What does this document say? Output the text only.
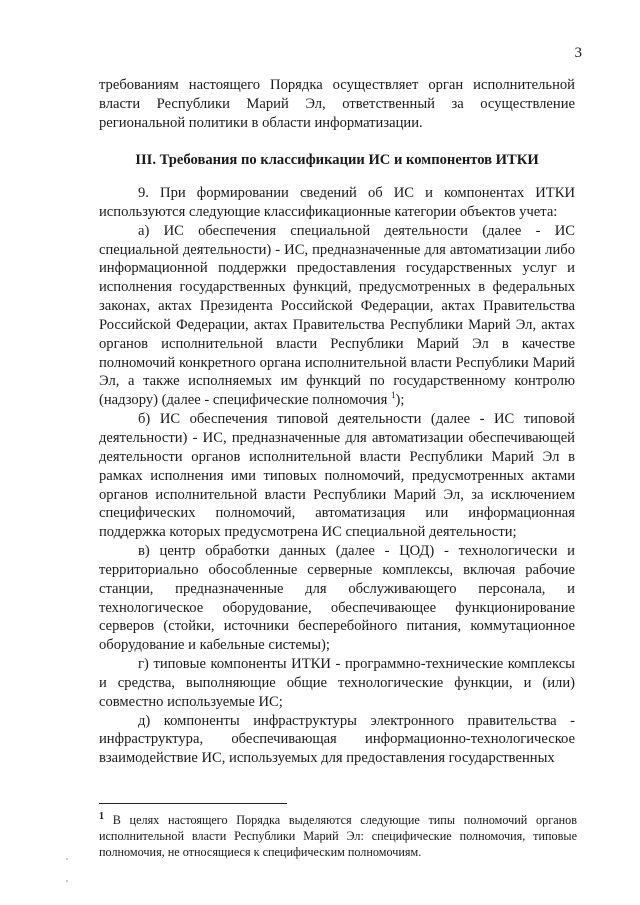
3

требованиям настоящего Порядка осуществляет орган исполнительной власти Республики Марий Эл, ответственный за осуществление региональной политики в области информатизации.

III. Требования по классификации ИС и компонентов ИТКИ

9. При формировании сведений об ИС и компонентах ИТКИ используются следующие классификационные категории объектов учета:

а) ИС обеспечения специальной деятельности (далее - ИС специальной деятельности) - ИС, предназначенные для автоматизации либо информационной поддержки предоставления государственных услуг и исполнения государственных функций, предусмотренных в федеральных законах, актах Президента Российской Федерации, актах Правительства Российской Федерации, актах Правительства Республики Марий Эл, актах органов исполнительной власти Республики Марий Эл в качестве полномочий конкретного органа исполнительной власти Республики Марий Эл, а также исполняемых им функций по государственному контролю (надзору) (далее - специфические полномочия $^1$);

б) ИС обеспечения типовой деятельности (далее - ИС типовой деятельности) - ИС, предназначенные для автоматизации обеспечивающей деятельности органов исполнительной власти Республики Марий Эл в рамках исполнения ими типовых полномочий, предусмотренных актами органов исполнительной власти Республики Марий Эл, за исключением специфических полномочий, автоматизация или информационная поддержка которых предусмотрена ИС специальной деятельности;

в) центр обработки данных (далее - ЦОД) - технологически и территориально обособленные серверные комплексы, включая рабочие станции, предназначенные для обслуживающего персонала, и технологическое оборудование, обеспечивающее функционирование серверов (стойки, источники бесперебойного питания, коммутационное оборудование и кабельные системы);

г) типовые компоненты ИТКИ - программно-технические комплексы и средства, выполняющие общие технологические функции, и (или) совместно используемые ИС;

д) компоненты инфраструктуры электронного правительства - инфраструктура, обеспечивающая информационно-технологическое взаимодействие ИС, используемых для предоставления государственных

$^1$ В целях настоящего Порядка выделяются следующие типы полномочий органов исполнительной власти Республики Марий Эл: специфические полномочия, типовые полномочия, не относящиеся к специфическим полномочиям.
